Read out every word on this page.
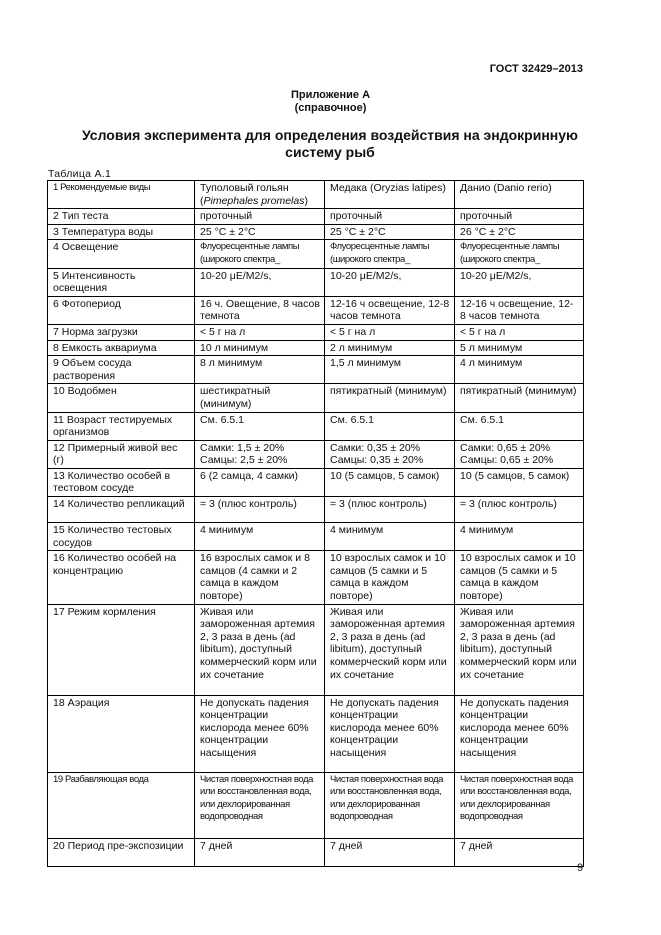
ГОСТ 32429–2013
Приложение А
(справочное)
Условия эксперимента для определения воздействия на эндокринную систему рыб
Таблица А.1
1 Рекомендуемые виды	Туполовый гольян (Pimephales promelas)	Медака (Oryzias latipes)	Данио (Danio rerio)
2 Тип теста	проточный	проточный	проточный
3 Температура воды	25 °C ± 2°C	25 °C ± 2°C	26 °C ± 2°C
4 Освещение	Флуоресцентные лампы (широкого спектра_	Флуоресцентные лампы (широкого спектра_	Флуоресцентные лампы (широкого спектра_
5 Интенсивность освещения	10-20 μE/M2/s,	10-20 μE/M2/s,	10-20 μE/M2/s,
6 Фотопериод	16 ч. Овещение, 8 часов темнота	12-16 ч освещение, 12-8 часов темнота	12-16 ч освещение, 12-8 часов темнота
7 Норма загрузки	< 5 г на л	< 5 г на л	< 5 г на л
8 Емкость аквариума	10 л минимум	2 л минимум	5 л минимум
9 Объем сосуда растворения	8 л минимум	1,5 л минимум	4 л минимум
10 Водобмен	шестикратный (минимум)	пятикратный (минимум)	пятикратный (минимум)
11 Возраст тестируемых организмов	См. 6.5.1	См. 6.5.1	См. 6.5.1
12 Примерный живой вес (г)	Самки: 1,5 ± 20% Самцы: 2,5 ± 20%	Самки: 0,35 ± 20% Самцы: 0,35 ± 20%	Самки: 0,65 ± 20% Самцы: 0,65 ± 20%
13 Количество особей в тестовом сосуде	6 (2 самца, 4 самки)	10 (5 самцов, 5 самок)	10 (5 самцов, 5 самок)
14 Количество репликаций	= 3 (плюс контроль)	= 3 (плюс контроль)	= 3 (плюс контроль)
15 Количество тестовых сосудов	4 минимум	4 минимум	4 минимум
16 Количество особей на концентрацию	16 взрослых самок и 8 самцов (4 самки и 2 самца в каждом повторе)	10 взрослых самок и 10 самцов (5 самки и 5 самца в каждом повторе)	10 взрослых самок и 10 самцов (5 самки и 5 самца в каждом повторе)
17 Режим кормления	Живая или замороженная артемия 2, 3 раза в день (ad libitum), доступный коммерческий корм или их сочетание	Живая или замороженная артемия 2, 3 раза в день (ad libitum), доступный коммерческий корм или их сочетание	Живая или замороженная артемия 2, 3 раза в день (ad libitum), доступный коммерческий корм или их сочетание
18 Аэрация	Не допускать падения концентрации кислорода менее 60% концентрации насыщения	Не допускать падения концентрации кислорода менее 60% концентрации насыщения	Не допускать падения концентрации кислорода менее 60% концентрации насыщения
19 Разбавляющая вода	Чистая поверхностная вода или восстановленная вода, или дехлорированная водопроводная	Чистая поверхностная вода или восстановленная вода, или дехлорированная водопроводная	Чистая поверхностная вода или восстановленная вода, или дехлорированная водопроводная
20 Период пре-экспозиции	7 дней	7 дней	7 дней
9
